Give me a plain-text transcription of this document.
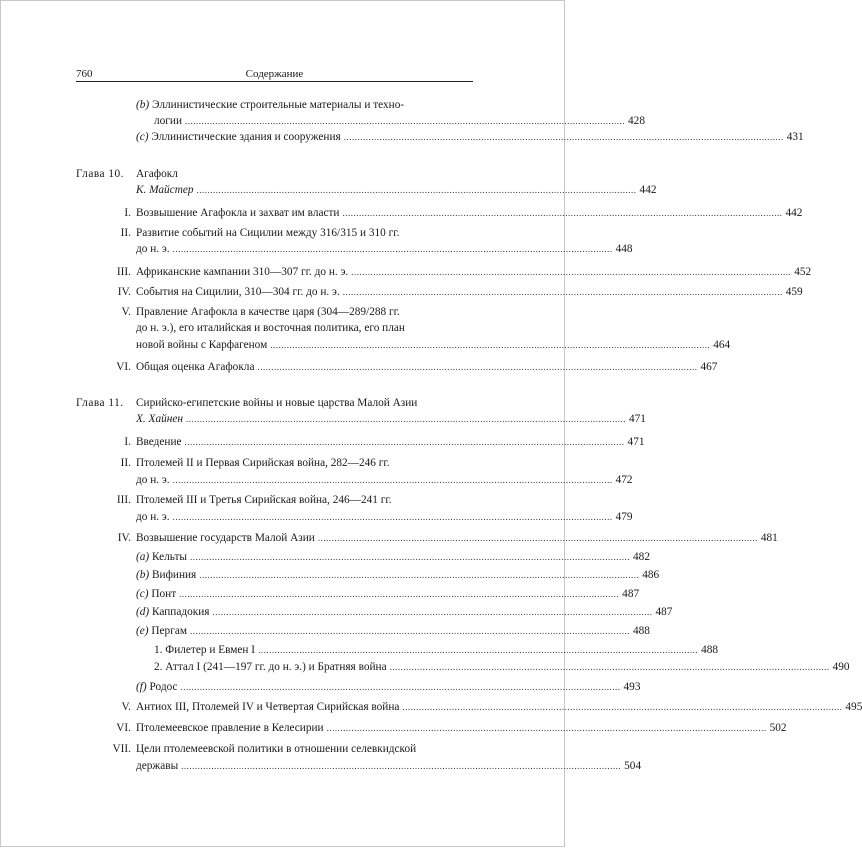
760	Содержание
(b) Эллинистические строительные материалы и техно-
логии ................................................................................................................................................................ 428
(c) Эллинистические здания и сооружения ................................................................................................................................................................ 431
Глава 10. Агафокл
К. Майстер ................................................................................................................................................................ 442
I. Возвышение Агафокла и захват им власти ................................................................................................................................................................ 442
II. Развитие событий на Сицилии между 316/315 и 310 гг.
до н. э. ................................................................................................................................................................ 448
III. Африканские кампании 310—307 гг. до н. э. ................................................................................................................................................................ 452
IV. События на Сицилии, 310—304 гг. до н. э. ................................................................................................................................................................ 459
V. Правление Агафокла в качестве царя (304—289/288 гг.
до н. э.), его италийская и восточная политика, его план
новой войны с Карфагеном ................................................................................................................................................................ 464
VI. Общая оценка Агафокла ................................................................................................................................................................ 467
Глава 11. Сирийско-египетские войны и новые царства Малой Азии
Х. Хайнен ................................................................................................................................................................ 471
I. Введение ................................................................................................................................................................ 471
II. Птолемей II и Первая Сирийская война, 282—246 гг.
до н. э. ................................................................................................................................................................ 472
III. Птолемей III и Третья Сирийская война, 246—241 гг.
до н. э. ................................................................................................................................................................ 479
IV. Возвышение государств Малой Азии ................................................................................................................................................................ 481
(a) Кельты ................................................................................................................................................................ 482
(b) Вифиния ................................................................................................................................................................ 486
(c) Понт ................................................................................................................................................................ 487
(d) Каппадокия ................................................................................................................................................................ 487
(e) Пергам ................................................................................................................................................................ 488
1. Филетер и Евмен I ................................................................................................................................................................ 488
2. Аттал I (241—197 гг. до н. э.) и Братняя война ................................................................................................................................................................ 490
(f) Родос ................................................................................................................................................................ 493
V. Антиох III, Птолемей IV и Четвертая Сирийская война ................................................................................................................................................................ 495
VI. Птолемеевское правление в Келесирии ................................................................................................................................................................ 502
VII. Цели птолемеевской политики в отношении селевкидской
державы ................................................................................................................................................................ 504
